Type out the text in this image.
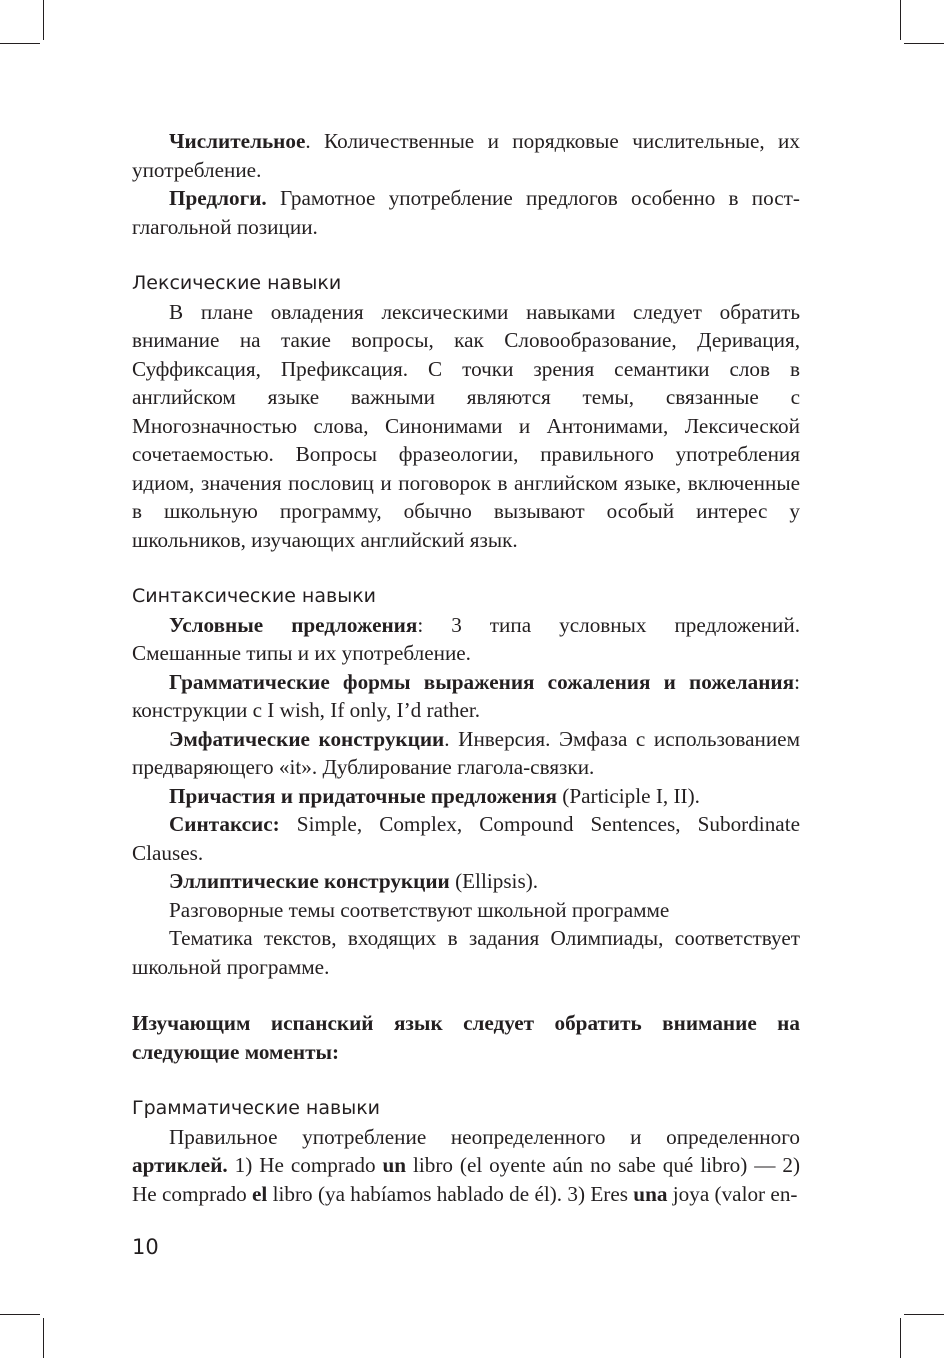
Числительное. Количественные и порядковые числительные, их употребление.

Предлоги. Грамотное употребление предлогов особенно в пост-глагольной позиции.

Лексические навыки

В плане овладения лексическими навыками следует обратить внимание на такие вопросы, как Словообразование, Деривация, Суффиксация, Префиксация. С точки зрения семантики слов в английском языке важными являются темы, связанные с Многозначностью слова, Синонимами и Антонимами, Лексической сочетаемостью. Вопросы фразеологии, правильного употребления идиом, значения пословиц и поговорок в английском языке, включенные в школьную программу, обычно вызывают особый интерес у школьников, изучающих английский язык.

Синтаксические навыки

Условные предложения: 3 типа условных предложений. Смешанные типы и их употребление.

Грамматические формы выражения сожаления и пожелания: конструкции с I wish, If only, I’d rather.

Эмфатические конструкции. Инверсия. Эмфаза с использованием предваряющего «it». Дублирование глагола-связки.

Причастия и придаточные предложения (Participle I, II).

Синтаксис: Simple, Complex, Compound Sentences, Subordinate Clauses.

Эллиптические конструкции (Ellipsis).

Разговорные темы соответствуют школьной программе

Тематика текстов, входящих в задания Олимпиады, соответствует школьной программе.

Изучающим испанский язык следует обратить внимание на следующие моменты:

Грамматические навыки

Правильное употребление неопределенного и определенного артиклей. 1) He comprado un libro (el oyente aún no sabe qué libro) — 2) He comprado el libro (ya habíamos hablado de él). 3) Eres una joya (valor en-

10
